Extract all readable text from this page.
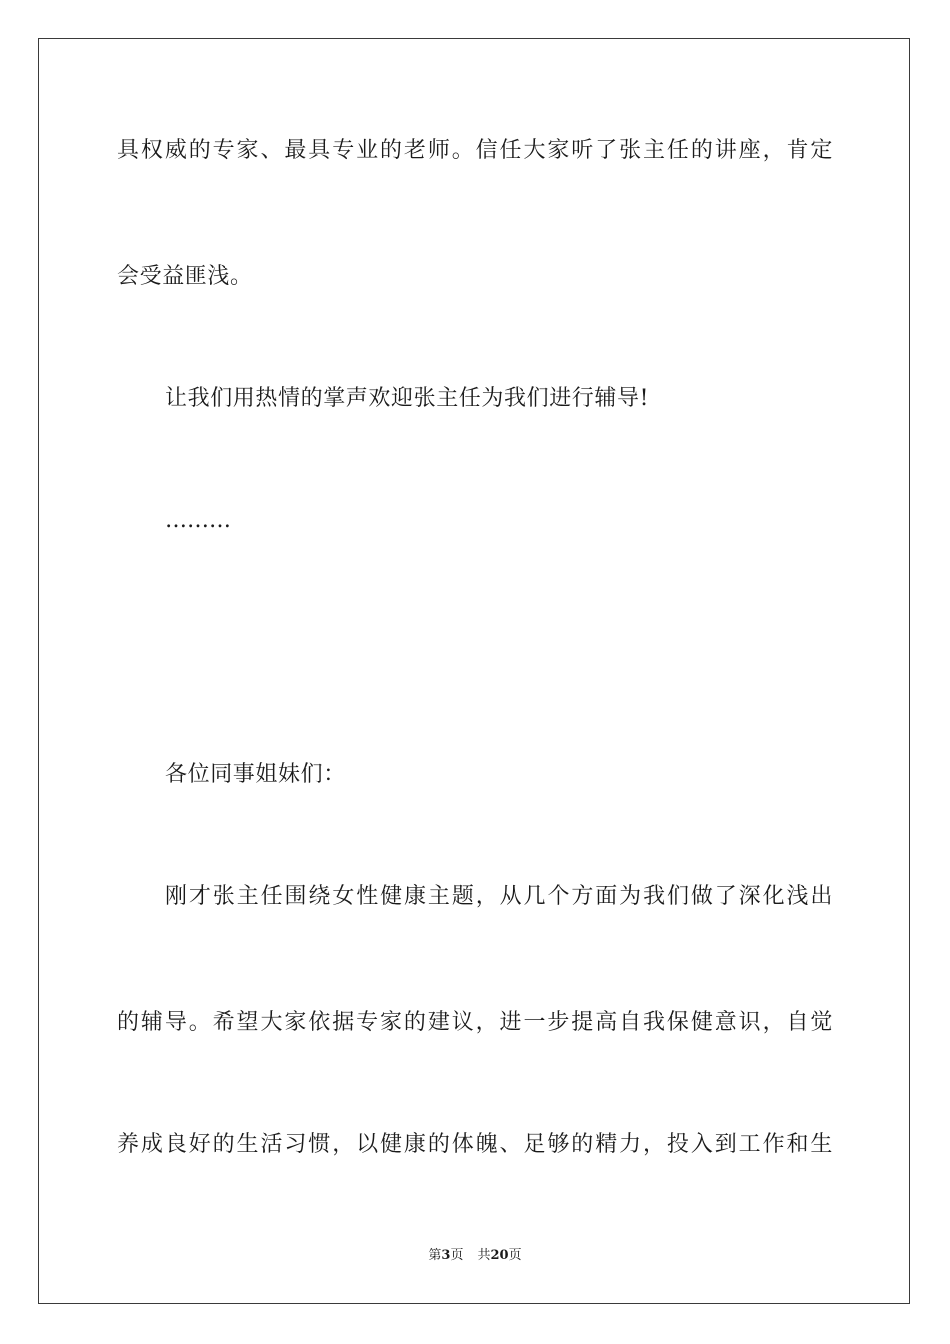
具权威的专家、最具专业的老师。信任大家听了张主任的讲座，肯定
会受益匪浅。
让我们用热情的掌声欢迎张主任为我们进行辅导!
………
各位同事姐妹们：
刚才张主任围绕女性健康主题，从几个方面为我们做了深化浅出
的辅导。希望大家依据专家的建议，进一步提高自我保健意识，自觉
养成良好的生活习惯，以健康的体魄、足够的精力，投入到工作和生
第3页 共20页
